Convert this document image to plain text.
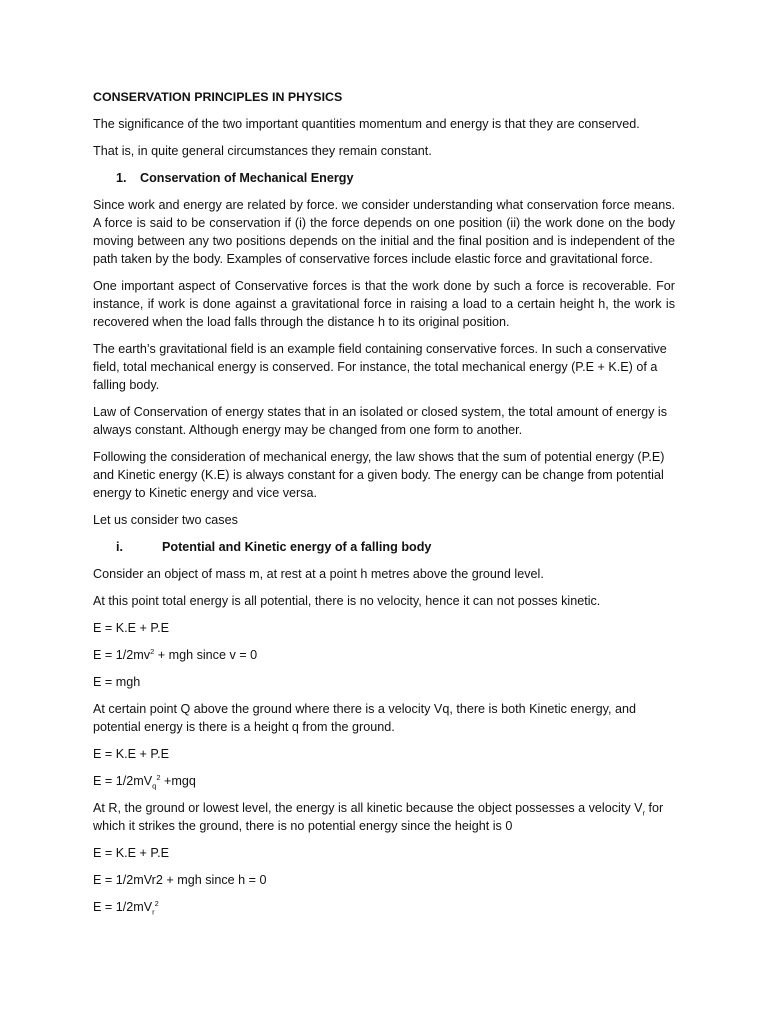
CONSERVATION PRINCIPLES IN PHYSICS

The significance of the two important quantities momentum and energy is that they are conserved.

That is, in quite general circumstances they remain constant.

1.	Conservation of Mechanical Energy

Since work and energy are related by force. we consider understanding what conservation force means. A force is said to be conservation if (i) the force depends on one position (ii) the work done on the body moving between any two positions depends on the initial and the final position and is independent of the path taken by the body. Examples of conservative forces include elastic force and gravitational force.

One important aspect of Conservative forces is that the work done by such a force is recoverable. For instance, if work is done against a gravitational force in raising a load to a certain height h, the work is recovered when the load falls through the distance h to its original position.

The earth’s gravitational field is an example field containing conservative forces. In such a conservative field, total mechanical energy is conserved. For instance, the total mechanical energy (P.E + K.E) of a falling body.

Law of Conservation of energy states that in an isolated or closed system, the total amount of energy is always constant. Although energy may be changed from one form to another.

Following the consideration of mechanical energy, the law shows that the sum of potential energy (P.E) and Kinetic energy (K.E) is always constant for a given body. The energy can be change from potential energy to Kinetic energy and vice versa.

Let us consider two cases

i.	Potential and Kinetic energy of a falling body

Consider an object of mass m, at rest at a point h metres above the ground level.

At this point total energy is all potential, there is no velocity, hence it can not posses kinetic.

E = K.E + P.E
$E = 1/2mv^2$ + mgh since v = 0
E = mgh

At certain point Q above the ground where there is a velocity Vq, there is both Kinetic energy, and potential energy is there is a height q from the ground.

E = K.E + P.E
$E = 1/2mV_q^2 +mgq$

At R, the ground or lowest level, the energy is all kinetic because the object possesses a velocity $V_r$ for which it strikes the ground, there is no potential energy since the height is 0

E = K.E + P.E
E = 1/2mVr2 + mgh since h = 0
$E = 1/2mV_r^2$
